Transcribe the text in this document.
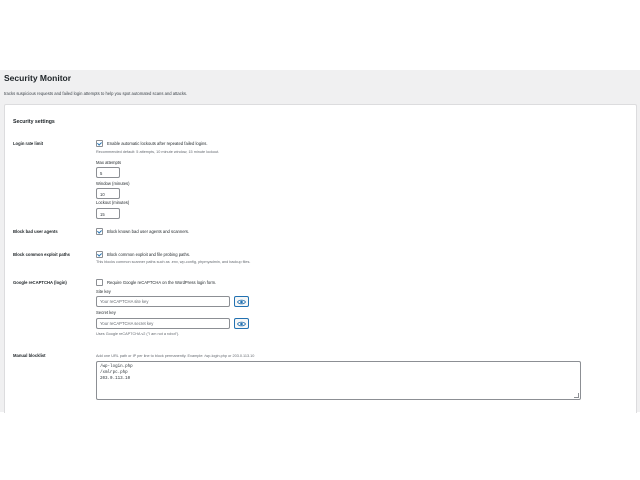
Security Monitor
tracks suspicious requests and failed login attempts to help you spot automated scans and attacks.
Security settings
Login rate limit	Enable automatic lockouts after repeated failed logins.
Recommended default: 5 attempts, 10 minute window, 15 minute lockout.
Max attempts
5
Window (minutes)
10
Lockout (minutes)
15
Block bad user agents	Block known bad user agents and scanners.
Block common exploit paths	Block common exploit and file probing paths.
This blocks common scanner paths such as .env, wp-config, phpmyadmin, and backup files.
Google reCAPTCHA (login)	Require Google reCAPTCHA on the WordPress login form.
Site key
Your reCAPTCHA site key
Secret key
Your reCAPTCHA secret key
Uses Google reCAPTCHA v2 ("I am not a robot").
Manual blocklist	Add one URL path or IP per line to block permanently. Example: /wp-login.php or 203.0.113.10
/wp-login.php
/xmlrpc.php
203.0.113.10
